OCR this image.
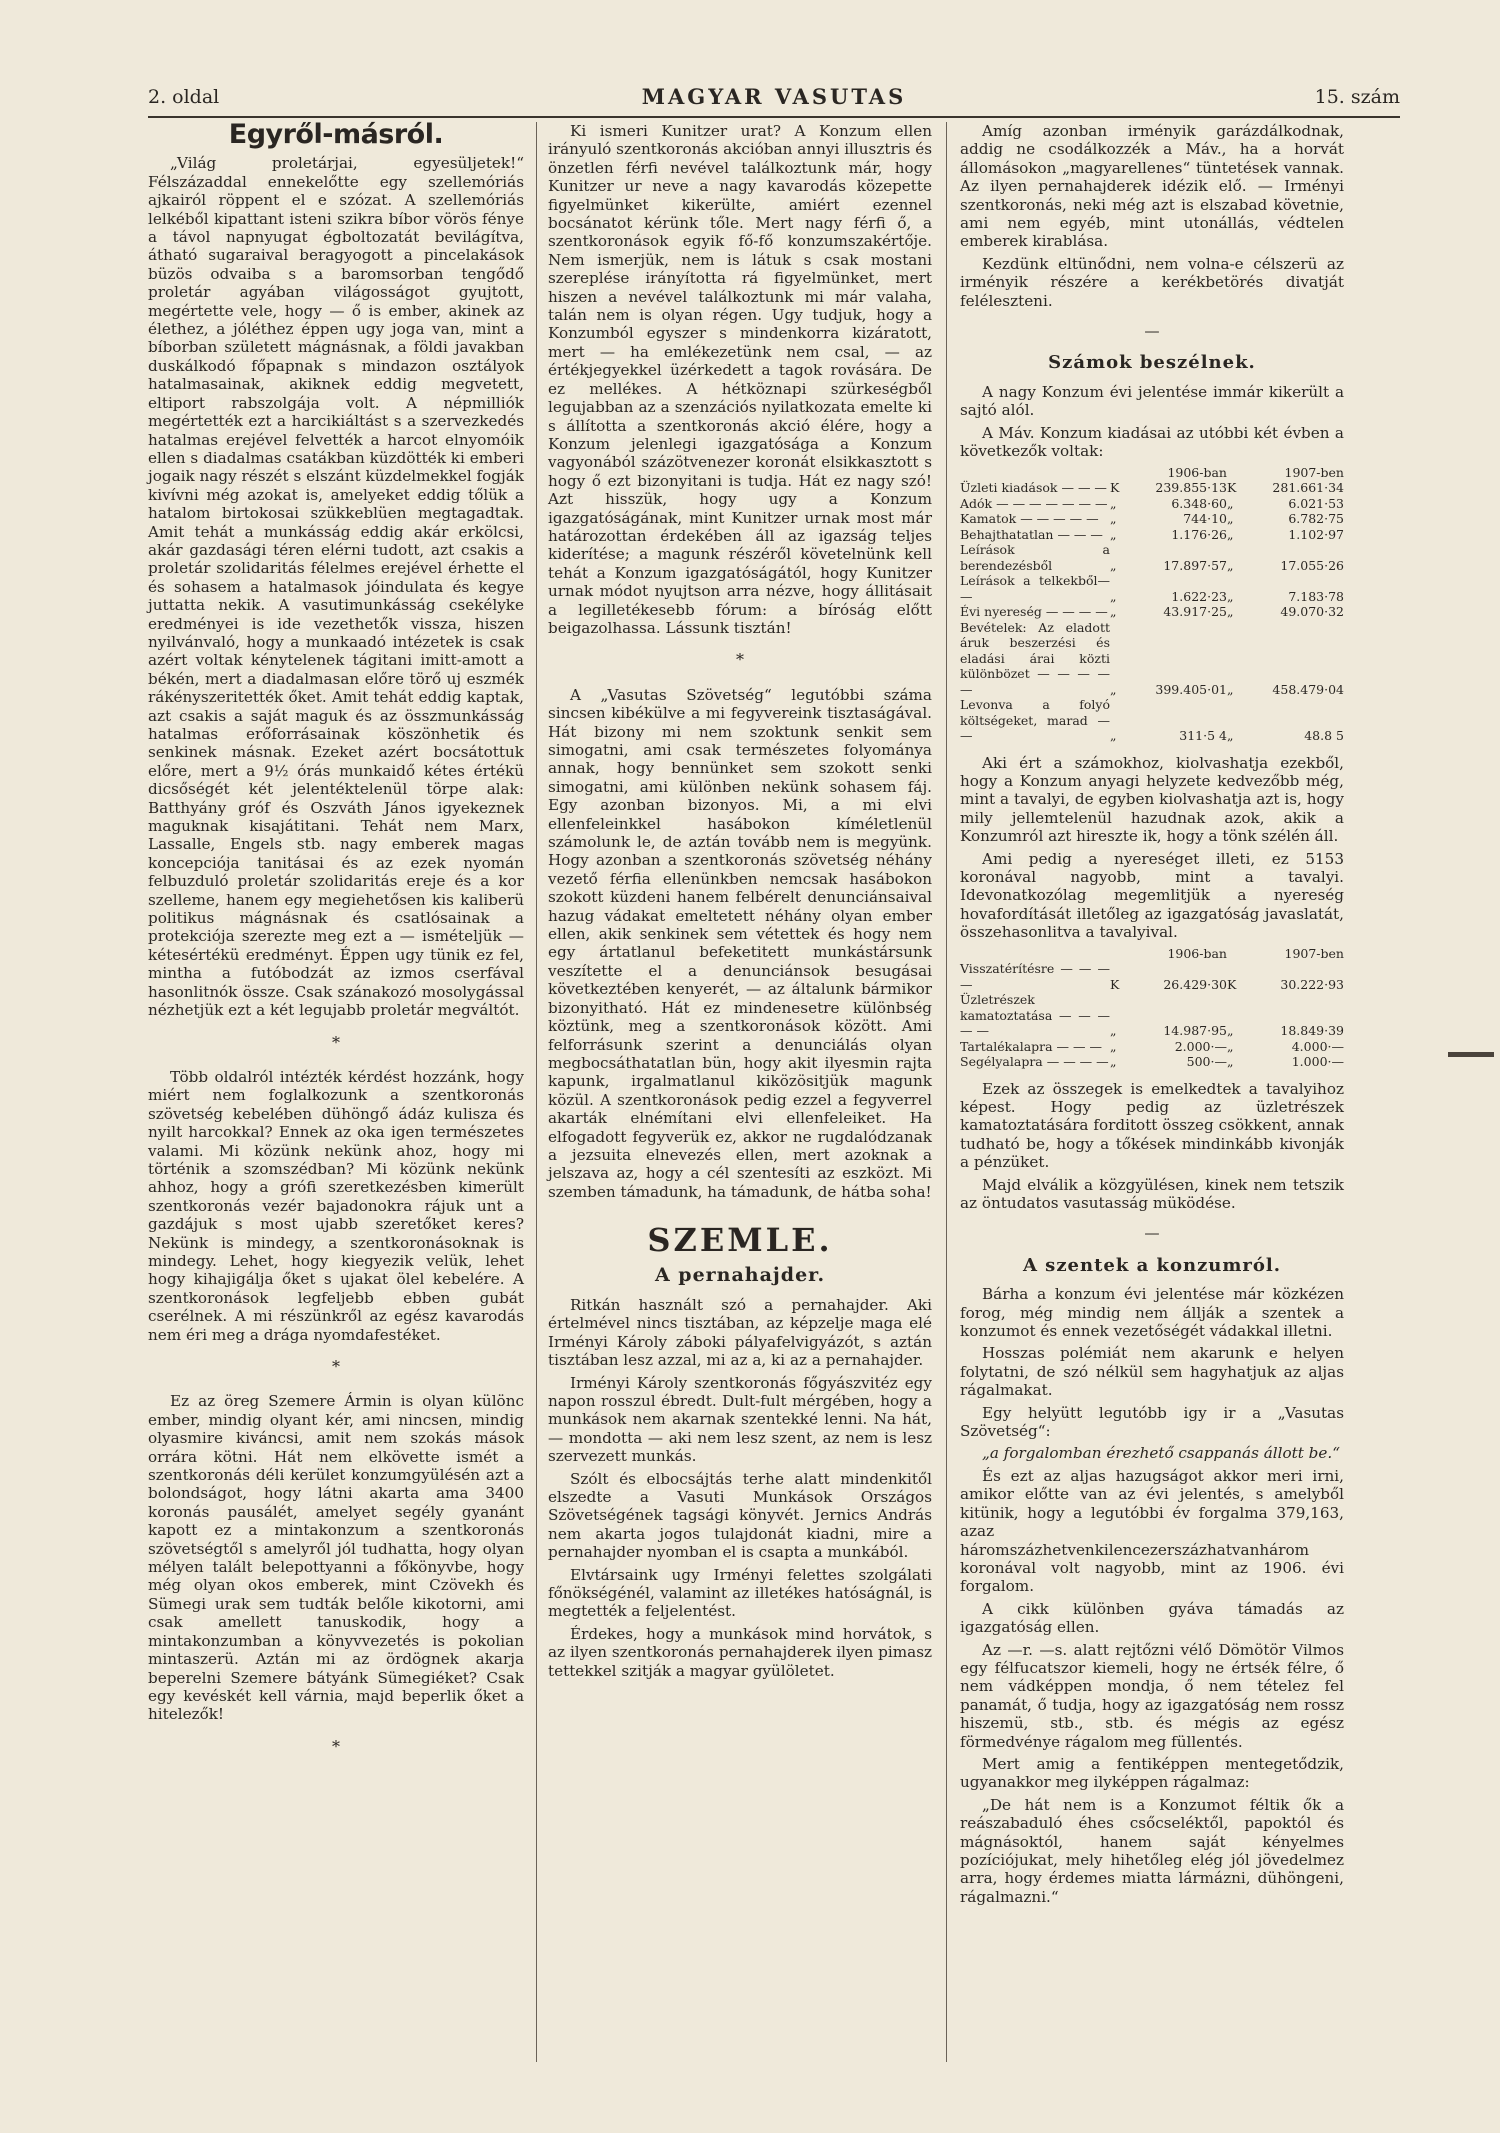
2. oldal	MAGYAR VASUTAS	15. szám
Egyről-másról.

„Világ proletárjai, egyesüljetek!“ Félszázaddal ennekelőtte egy szellemóriás ajkairól röppent el e szózat. A szellemóriás lelkéből kipattant isteni szikra bíbor vörös fénye a távol napnyugat égboltozatát bevilágítva, átható sugaraival beragyogott a pincelakások büzös odvaiba s a baromsorban tengődő proletár agyában világosságot gyujtott, megértette vele, hogy — ő is ember, akinek az élethez, a jóléthez éppen ugy joga van, mint a bíborban született mágnásnak, a földi javakban duskálkodó főpapnak s mindazon osztályok hatalmasainak, akiknek eddig megvetett, eltiport rabszolgája volt. A népmilliók megértették ezt a harcikiáltást s a szervezkedés hatalmas erejével felvették a harcot elnyomóik ellen s diadalmas csatákban küzdötték ki emberi jogaik nagy részét s elszánt küzdelmekkel fogják kivívni még azokat is, amelyeket eddig tőlük a hatalom birtokosai szükkeblüen megtagadtak. Amit tehát a munkásság eddig akár erkölcsi, akár gazdasági téren elérni tudott, azt csakis a proletár szolidaritás félelmes erejével érhette el és sohasem a hatalmasok jóindulata és kegye juttatta nekik. A vasutimunkásság csekélyke eredményei is ide vezethetők vissza, hiszen nyilvánvaló, hogy a munkaadó intézetek is csak azért voltak kénytelenek tágitani imitt-amott a békén, mert a diadalmasan előre törő uj eszmék rákényszeritették őket. Amit tehát eddig kaptak, azt csakis a saját maguk és az összmunkásság hatalmas erőforrásainak köszönhetik és senkinek másnak. Ezeket azért bocsátottuk előre, mert a 9½ órás munkaidő kétes értékü dicsőségét két jelentéktelenül törpe alak: Batthyány gróf és Oszváth János igyekeznek maguknak kisajátitani. Tehát nem Marx, Lassalle, Engels stb. nagy emberek magas koncepciója tanitásai és az ezek nyomán felbuzduló proletár szolidaritás ereje és a kor szelleme, hanem egy megiehetősen kis kaliberü politikus mágnásnak és csatlósainak a protekciója szerezte meg ezt a — ismételjük — kétesértékü eredményt. Éppen ugy tünik ez fel, mintha a futóbodzát az izmos cserfával hasonlitnók össze. Csak szánakozó mosolygással nézhetjük ezt a két legujabb proletár megváltót.

*

Több oldalról intézték kérdést hozzánk, hogy miért nem foglalkozunk a szentkoronás szövetség kebelében dühöngő ádáz kulisza és nyilt harcokkal? Ennek az oka igen természetes valami. Mi közünk nekünk ahoz, hogy mi történik a szomszédban? Mi közünk nekünk ahhoz, hogy a grófi szeretkezésben kimerült szentkoronás vezér bajadonokra rájuk unt a gazdájuk s most ujabb szeretőket keres? Nekünk is mindegy, a szentkoronásoknak is mindegy. Lehet, hogy kiegyezik velük, lehet hogy kihajigálja őket s ujakat ölel kebelére. A szentkoronások legfeljebb ebben gubát cserélnek. A mi részünkről az egész kavarodás nem éri meg a drága nyomdafestéket.

*

Ez az öreg Szemere Ármin is olyan különc ember, mindig olyant kér, ami nincsen, mindig olyasmire kiváncsi, amit nem szokás mások orrára kötni. Hát nem elkövette ismét a szentkoronás déli kerület konzumgyülésén azt a bolondságot, hogy látni akarta ama 3400 koronás pausálét, amelyet segély gyanánt kapott ez a mintakonzum a szentkoronás szövetségtől s amelyről jól tudhatta, hogy olyan mélyen talált belepottyanni a főkönyvbe, hogy még olyan okos emberek, mint Czövekh és Sümegi urak sem tudták belőle kikotorni, ami csak amellett tanuskodik, hogy a mintakonzumban a könyvvezetés is pokolian mintaszerü. Aztán mi az ördögnek akarja beperelni Szemere bátyánk Sümegiéket? Csak egy kevéskét kell várnia, majd beperlik őket a hitelezők!

*

Ki ismeri Kunitzer urat? A Konzum ellen irányuló szentkoronás akcióban annyi illusztris és önzetlen férfi nevével találkoztunk már, hogy Kunitzer ur neve a nagy kavarodás közepette figyelmünket kikerülte, amiért ezennel bocsánatot kérünk tőle. Mert nagy férfi ő, a szentkoronások egyik fő-fő konzumszakértője. Nem ismerjük, nem is látuk s csak mostani szereplése irányította rá figyelmünket, mert hiszen a nevével találkoztunk mi már valaha, talán nem is olyan régen. Ugy tudjuk, hogy a Konzumból egyszer s mindenkorra kizáratott, mert — ha emlékezetünk nem csal, — az értékjegyekkel üzérkedett a tagok rovására. De ez mellékes. A hétköznapi szürkeségből legujabban az a szenzációs nyilatkozata emelte ki s állította a szentkoronás akció élére, hogy a Konzum jelenlegi igazgatósága a Konzum vagyonából százötvenezer koronát elsikkasztott s hogy ő ezt bizonyitani is tudja. Hát ez nagy szó! Azt hisszük, hogy ugy a Konzum igazgatóságának, mint Kunitzer urnak most már határozottan érdekében áll az igazság teljes kiderítése; a magunk részéről követelnünk kell tehát a Konzum igazgatóságától, hogy Kunitzer urnak módot nyujtson arra nézve, hogy állitásait a legilletékesebb fórum: a bíróság előtt beigazolhassa. Lássunk tisztán!

*

A „Vasutas Szövetség“ legutóbbi száma sincsen kibékülve a mi fegyvereink tisztaságával. Hát bizony mi nem szoktunk senkit sem simogatni, ami csak természetes folyománya annak, hogy bennünket sem szokott senki simogatni, ami különben nekünk sohasem fáj. Egy azonban bizonyos. Mi, a mi elvi ellenfeleinkkel hasábokon kíméletlenül számolunk le, de aztán tovább nem is megyünk. Hogy azonban a szentkoronás szövetség néhány vezető férfia ellenünkben nemcsak hasábokon szokott küzdeni hanem felbérelt denunciánsaival hazug vádakat emeltetett néhány olyan ember ellen, akik senkinek sem vétettek és hogy nem egy ártatlanul befeketitett munkástársunk veszítette el a denunciánsok besugásai következtében kenyerét, — az általunk bármikor bizonyitható. Hát ez mindenesetre különbség köztünk, meg a szentkoronások között. Ami felforrásunk szerint a denunciálás olyan megbocsáthatatlan bün, hogy akit ilyesmin rajta kapunk, irgalmatlanul kiközösitjük magunk közül. A szentkoronások pedig ezzel a fegyverrel akarták elnémítani elvi ellenfeleiket. Ha elfogadott fegyverük ez, akkor ne rugdalódzanak a jezsuita elnevezés ellen, mert azoknak a jelszava az, hogy a cél szentesíti az eszközt. Mi szemben támadunk, ha támadunk, de hátba soha!

SZEMLE.
A pernahajder.

Ritkán használt szó a pernahajder. Aki értelmével nincs tisztában, az képzelje maga elé Irményi Károly záboki pályafelvigyázót, s aztán tisztában lesz azzal, mi az a, ki az a pernahajder.

Irményi Károly szentkoronás főgyászvitéz egy napon rosszul ébredt. Dult-fult mérgében, hogy a munkások nem akarnak szentekké lenni. Na hát, — mondotta — aki nem lesz szent, az nem is lesz szervezett munkás.

Szólt és elbocsájtás terhe alatt mindenkitől elszedte a Vasuti Munkások Országos Szövetségének tagsági könyvét. Jernics András nem akarta jogos tulajdonát kiadni, mire a pernahajder nyomban el is csapta a munkából.

Elvtársaink ugy Irményi felettes szolgálati főnökségénél, valamint az illetékes hatóságnál, is megtették a feljelentést.

Érdekes, hogy a munkások mind horvátok, s az ilyen szentkoronás pernahajderek ilyen pimasz tettekkel szitják a magyar gyülöletet.

Amíg azonban irményik garázdálkodnak, addig ne csodálkozzék a Máv., ha a horvát állomásokon „magyarellenes“ tüntetések vannak. Az ilyen pernahajderek idézik elő. — Irményi szentkoronás, neki még azt is elszabad követnie, ami nem egyéb, mint utonállás, védtelen emberek kirablása.

Kezdünk eltünődni, nem volna-e célszerü az irményik részére a kerékbetörés divatját feléleszteni.

—
Számok beszélnek.

A nagy Konzum évi jelentése immár kikerült a sajtó alól.

A Máv. Konzum kiadásai az utóbbi két évben a következők voltak:

		1906-ban		1907-ben
Üzleti kiadások — — —	K	239.855·13	K	281.661·34
Adók — — — — — — —	„	6.348·60	„	6.021·53
Kamatok — — — — —	„	744·10	„	6.782·75
Behajthatatlan — — —	„	1.176·26	„	1.102·97
Leírások a berendezésből	„	17.897·57	„	17.055·26
Leírások a telkekből— —	„	1.622·23	„	7.183·78
Évi nyereség — — — —	„	43.917·25	„	49.070·32
Bevételek: Az eladott áruk beszerzési és eladási árai közti különbözet — — — — —	„	399.405·01	„	458.479·04
Levonva a folyó költségeket, marad — —	„	311·5 4	„	48.8 5

Aki ért a számokhoz, kiolvashatja ezekből, hogy a Konzum anyagi helyzete kedvezőbb még, mint a tavalyi, de egyben kiolvashatja azt is, hogy mily jellemtelenül hazudnak azok, akik a Konzumról azt hireszte ik, hogy a tönk szélén áll.

Ami pedig a nyereséget illeti, ez 5153 koronával nagyobb, mint a tavalyi. Idevonatkozólag megemlitjük a nyereség hovafordítását illetőleg az igazgatóság javaslatát, összehasonlitva a tavalyival.

		1906-ban		1907-ben
Visszatérítésre — — — —	K	26.429·30	K	30.222·93
Üzletrészek kamatoztatása — — — — —	„	14.987·95	„	18.849·39
Tartalékalapra — — —	„	2.000·—	„	4.000·—
Segélyalapra — — — —	„	500·—	„	1.000·—

Ezek az összegek is emelkedtek a tavalyihoz képest. Hogy pedig az üzletrészek kamatoztatására forditott összeg csökkent, annak tudható be, hogy a tőkések mindinkább kivonják a pénzüket.

Majd elválik a közgyülésen, kinek nem tetszik az öntudatos vasutasság müködése.

—
A szentek a konzumról.

Bárha a konzum évi jelentése már közkézen forog, még mindig nem állják a szentek a konzumot és ennek vezetőségét vádakkal illetni.

Hosszas polémiát nem akarunk e helyen folytatni, de szó nélkül sem hagyhatjuk az aljas rágalmakat.

Egy helyütt legutóbb igy ir a „Vasutas Szövetség“:

„a forgalomban érezhető csappanás állott be.“

És ezt az aljas hazugságot akkor meri irni, amikor előtte van az évi jelentés, s amelyből kitünik, hogy a legutóbbi év forgalma 379,163, azaz háromszázhetvenkilencezerszázhatvanhárom koronával volt nagyobb, mint az 1906. évi forgalom.

A cikk különben gyáva támadás az igazgatóság ellen.

Az —r. —s. alatt rejtőzni vélő Dömötör Vilmos egy félfucatszor kiemeli, hogy ne értsék félre, ő nem vádképpen mondja, ő nem tételez fel panamát, ő tudja, hogy az igazgatóság nem rossz hiszemü, stb., stb. és mégis az egész förmedvénye rágalom meg füllentés.

Mert amig a fentiképpen mentegetődzik, ugyanakkor meg ilyképpen rágalmaz:

„De hát nem is a Konzumot féltik ők a reászabaduló éhes csőcseléktől, papoktól és mágnásoktól, hanem saját kényelmes pozíciójukat, mely hihetőleg elég jól jövedelmez arra, hogy érdemes miatta lármázni, dühöngeni, rágalmazni.“
